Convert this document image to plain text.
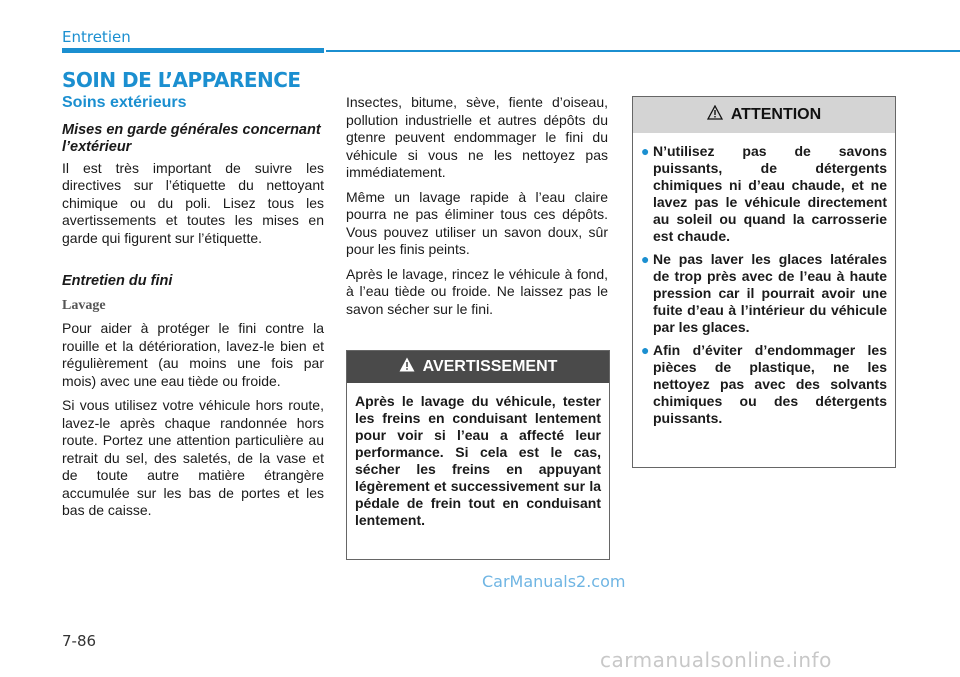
Entretien
SOIN DE L’APPARENCE
Soins extérieurs
Mises en garde générales concernant l’extérieur

Il est très important de suivre les directives sur l’étiquette du nettoyant chimique ou du poli. Lisez tous les avertissements et toutes les mises en garde qui figurent sur l’étiquette.

Entretien du fini
Lavage

Pour aider à protéger le fini contre la rouille et la détérioration, lavez-le bien et régulièrement (au moins une fois par mois) avec une eau tiède ou froide.

Si vous utilisez votre véhicule hors route, lavez-le après chaque randonnée hors route. Portez une attention particulière au retrait du sel, des saletés, de la vase et de toute autre matière étrangère accumulée sur les bas de portes et les bas de caisse.

Insectes, bitume, sève, fiente d’oiseau, pollution industrielle et autres dépôts du gtenre peuvent endommager le fini du véhicule si vous ne les nettoyez pas immédiatement.

Même un lavage rapide à l’eau claire pourra ne pas éliminer tous ces dépôts. Vous pouvez utiliser un savon doux, sûr pour les finis peints.

Après le lavage, rincez le véhicule à fond, à l’eau tiède ou froide. Ne laissez pas le savon sécher sur le fini.

AVERTISSEMENT
Après le lavage du véhicule, tester les freins en conduisant lentement pour voir si l’eau a affecté leur performance. Si cela est le cas, sécher les freins en appuyant légèrement et successivement sur la pédale de frein tout en conduisant lentement.
ATTENTION
● N’utilisez pas de savons puissants, de détergents chimiques ni d’eau chaude, et ne lavez pas le véhicule directement au soleil ou quand la carrosserie est chaude.
● Ne pas laver les glaces latérales de trop près avec de l’eau à haute pression car il pourrait avoir une fuite d’eau à l’intérieur du véhicule par les glaces.
● Afin d’éviter d’endommager les pièces de plastique, ne les nettoyez pas avec des solvants chimiques ou des détergents puissants.
CarManuals2.com
7-86
carmanualsonline.info
